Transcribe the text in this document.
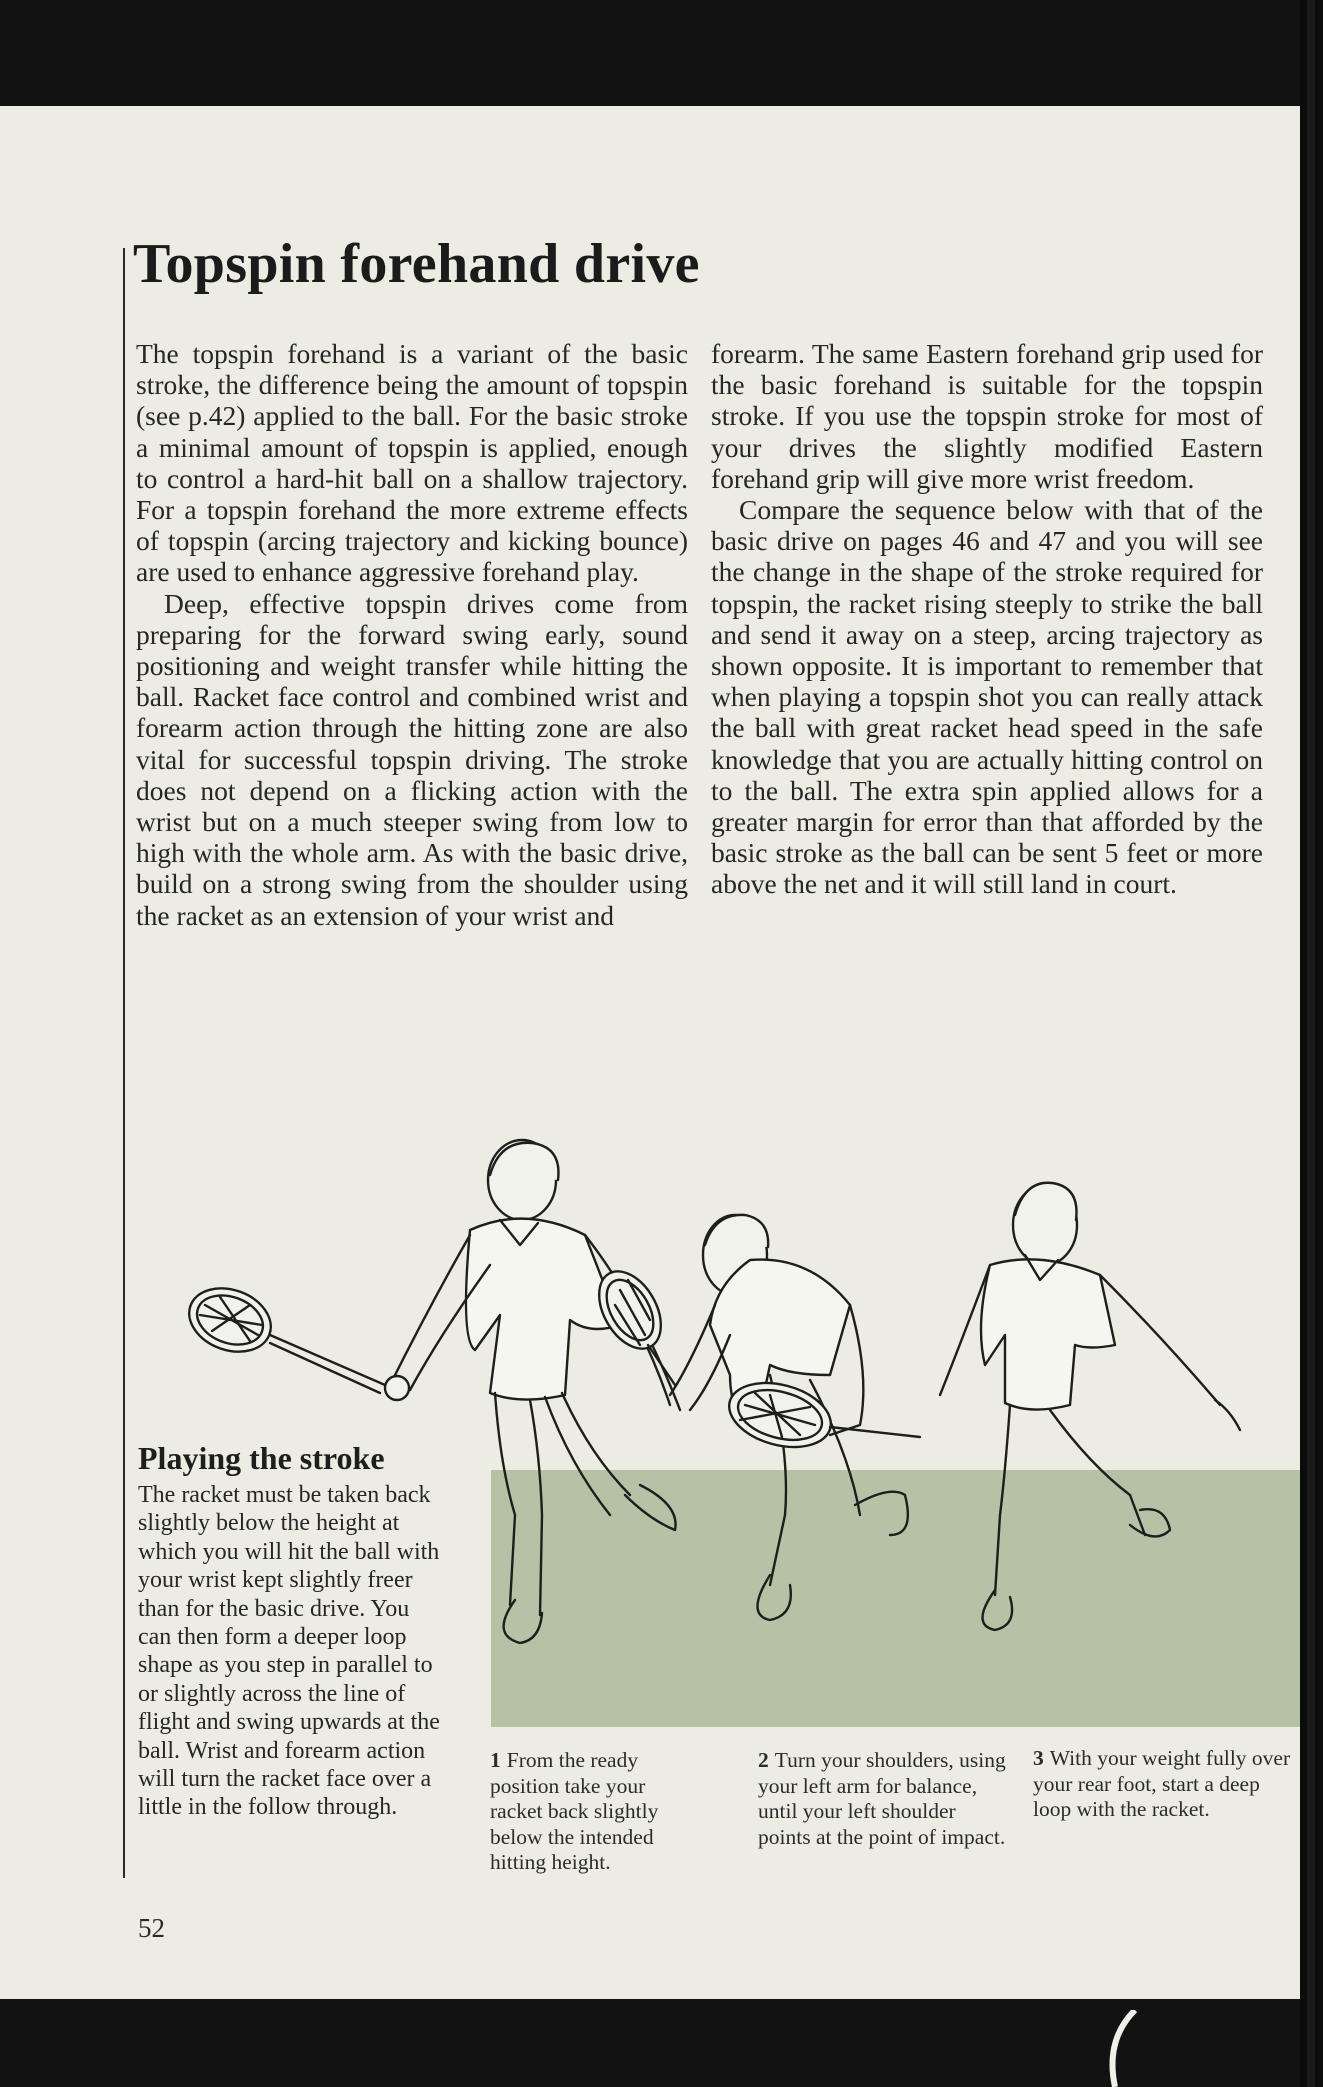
Topspin forehand drive

The topspin forehand is a variant of the basic stroke, the difference being the amount of topspin (see p.42) applied to the ball. For the basic stroke a minimal amount of topspin is applied, enough to control a hard-hit ball on a shallow trajectory. For a topspin forehand the more extreme effects of topspin (arcing trajectory and kicking bounce) are used to enhance aggressive forehand play.

Deep, effective topspin drives come from preparing for the forward swing early, sound positioning and weight transfer while hitting the ball. Racket face control and combined wrist and forearm action through the hitting zone are also vital for successful topspin driving. The stroke does not depend on a flicking action with the wrist but on a much steeper swing from low to high with the whole arm. As with the basic drive, build on a strong swing from the shoulder using the racket as an extension of your wrist and

forearm. The same Eastern forehand grip used for the basic forehand is suitable for the topspin stroke. If you use the topspin stroke for most of your drives the slightly modified Eastern forehand grip will give more wrist freedom.

Compare the sequence below with that of the basic drive on pages 46 and 47 and you will see the change in the shape of the stroke required for topspin, the racket rising steeply to strike the ball and send it away on a steep, arcing trajectory as shown opposite. It is important to remember that when playing a topspin shot you can really attack the ball with great racket head speed in the safe knowledge that you are actually hitting control on to the ball. The extra spin applied allows for a greater margin for error than that afforded by the basic stroke as the ball can be sent 5 feet or more above the net and it will still land in court.

Playing the stroke

The racket must be taken back slightly below the height at which you will hit the ball with your wrist kept slightly freer than for the basic drive. You can then form a deeper loop shape as you step in parallel to or slightly across the line of flight and swing upwards at the ball. Wrist and forearm action will turn the racket face over a little in the follow through.

1 From the ready position take your racket back slightly below the intended hitting height.

2 Turn your shoulders, using your left arm for balance, until your left shoulder points at the point of impact.

3 With your weight fully over your rear foot, start a deep loop with the racket.

52
